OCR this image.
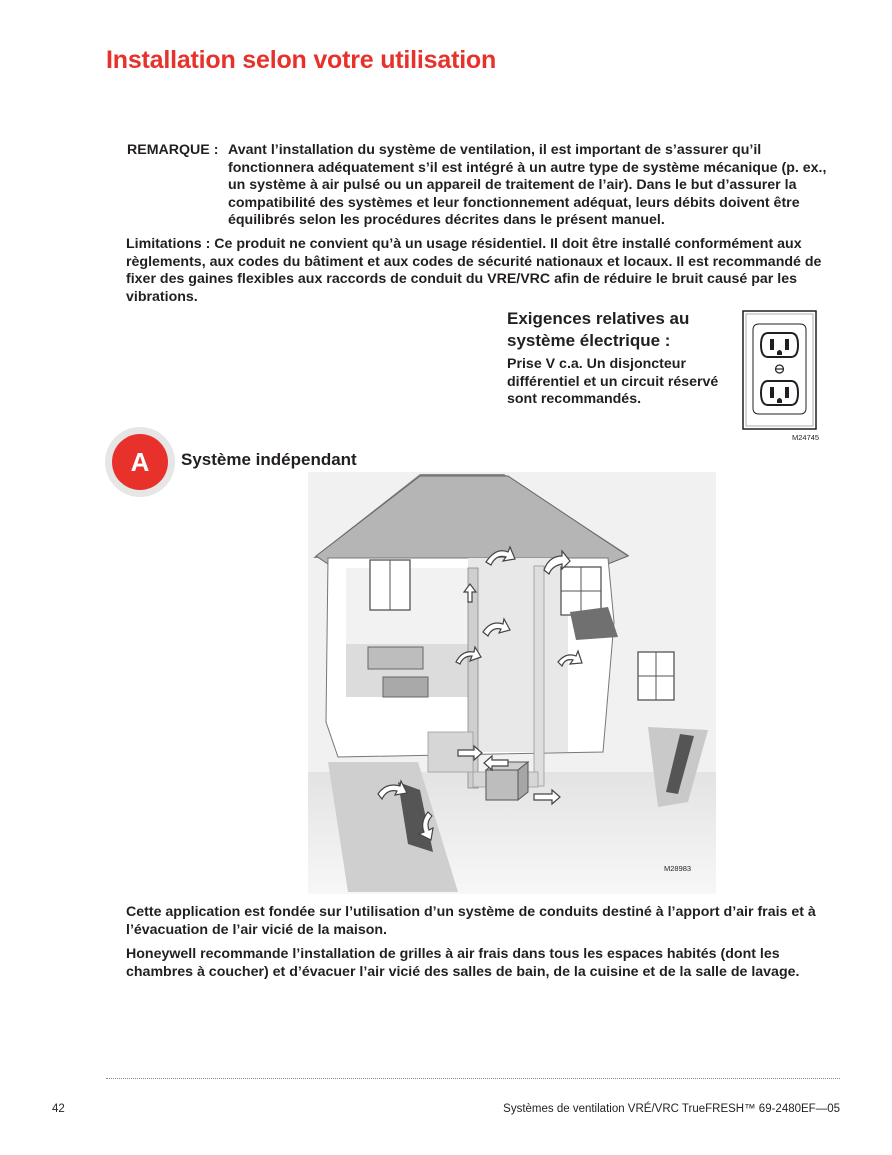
Installation selon votre utilisation
REMARQUE : Avant l’installation du système de ventilation, il est important de s’assurer qu’il fonctionnera adéquatement s’il est intégré à un autre type de système mécanique (p. ex., un système à air pulsé ou un appareil de traitement de l’air). Dans le but d’assurer la compatibilité des systèmes et leur fonctionnement adéquat, leurs débits doivent être équilibrés selon les procédures décrites dans le présent manuel.

Limitations : Ce produit ne convient qu’à un usage résidentiel. Il doit être installé conformément aux règlements, aux codes du bâtiment et aux codes de sécurité nationaux et locaux. Il est recommandé de fixer des gaines flexibles aux raccords de conduit du VRE/VRC afin de réduire le bruit causé par les vibrations.

Exigences relatives au système électrique :
Prise V c.a. Un disjoncteur différentiel et un circuit réservé sont recommandés.
M24745
A	Système indépendant
M28983

Cette application est fondée sur l’utilisation d’un système de conduits destiné à l’apport d’air frais et à l’évacuation de l’air vicié de la maison.

Honeywell recommande l’installation de grilles à air frais dans tous les espaces habités (dont les chambres à coucher) et d’évacuer l’air vicié des salles de bain, de la cuisine et de la salle de lavage.

42	Systèmes de ventilation VRÉ/VRC TrueFRESH™ 69-2480EF—05
